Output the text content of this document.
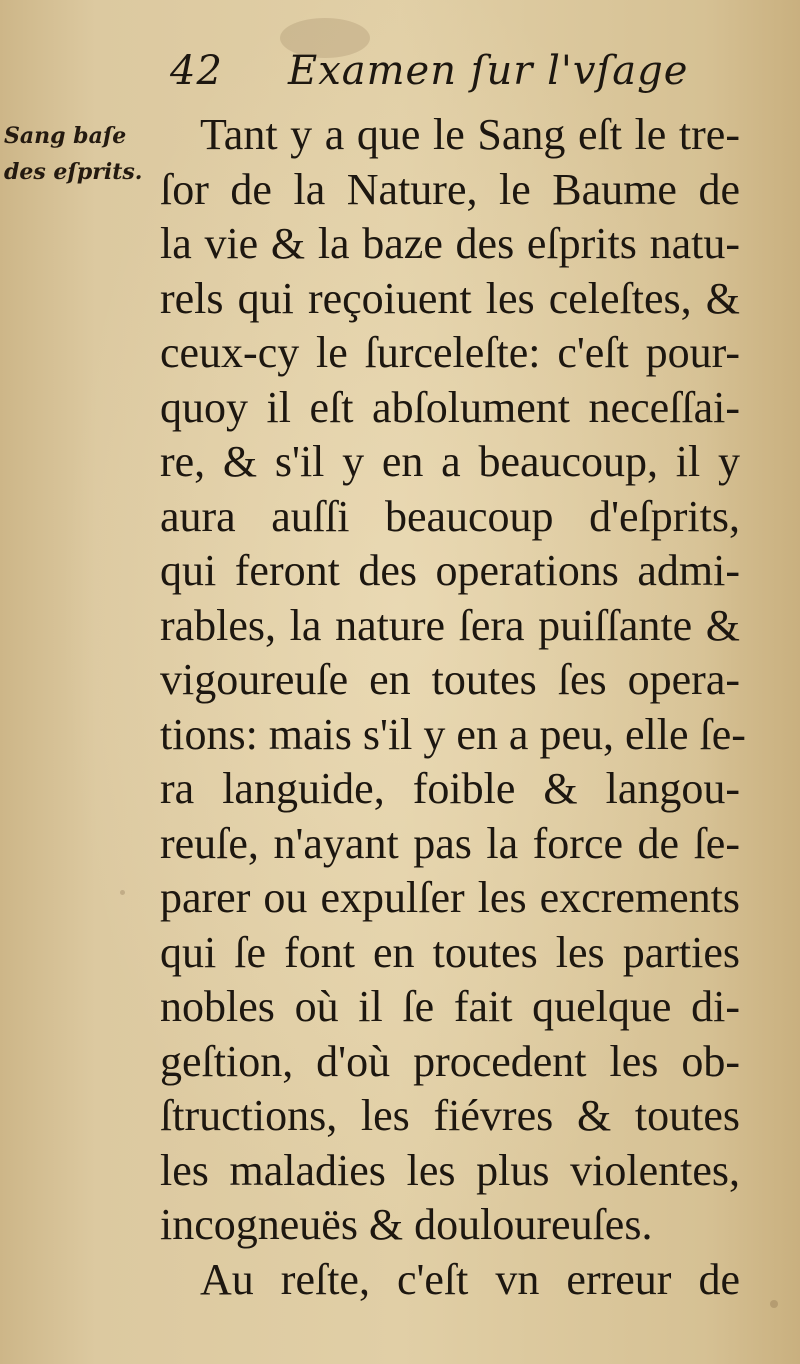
42 Examen ſur l'vſage
Sang baſe
des eſprits.
Tant y a que le Sang eſt le tre-
ſor de la Nature, le Baume de
la vie & la baze des eſprits natu-
rels qui reçoiuent les celeſtes, &
ceux-cy le ſurceleſte: c'eſt pour-
quoy il eſt abſolument neceſſai-
re, & s'il y en a beaucoup, il y
aura auſſi beaucoup d'eſprits,
qui feront des operations admi-
rables, la nature ſera puiſſante &
vigoureuſe en toutes ſes opera-
tions: mais s'il y en a peu, elle ſe-
ra languide, foible & langou-
reuſe, n'ayant pas la force de ſe-
parer ou expulſer les excrements
qui ſe font en toutes les parties
nobles où il ſe fait quelque di-
geſtion, d'où procedent les ob-
ſtructions, les fiévres & toutes
les maladies les plus violentes,
incogneuës & douloureuſes.
Au reſte, c'eſt vn erreur de
